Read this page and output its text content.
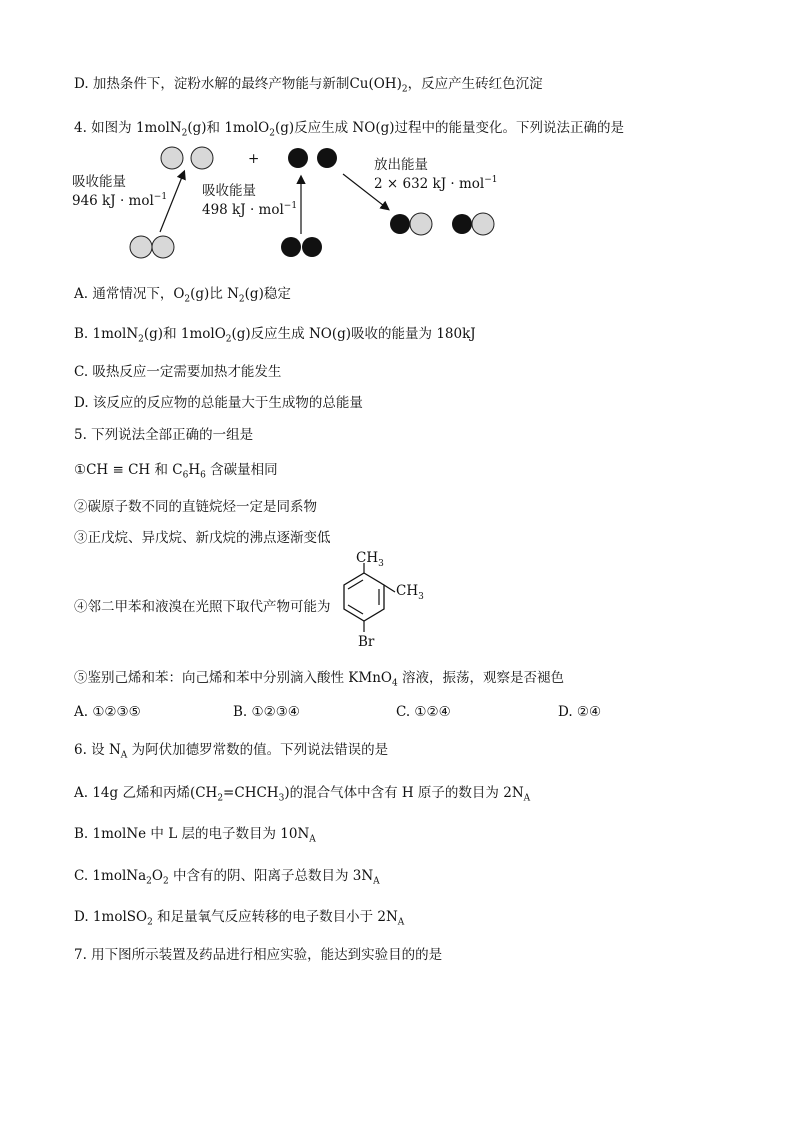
D. 加热条件下，淀粉水解的最终产物能与新制$Cu(OH)_2$，反应产生砖红色沉淀
4. 如图为 1molN$_2$(g)和 1molO$_2$(g)反应生成 NO(g)过程中的能量变化。下列说法正确的是
+
吸收能量
946 kJ · mol$^{-1}$	吸收能量
498 kJ · mol$^{-1}$
放出能量
2 × 632 kJ · mol$^{-1}$
$CH_3$
$CH_3$
Br
A. 通常情况下，$O_2(g)$比 $N_2(g)$稳定
B. 1molN$_2$(g)和 1molO$_2$(g)反应生成 NO(g)吸收的能量为 180kJ
C. 吸热反应一定需要加热才能发生
D. 该反应的反应物的总能量大于生成物的总能量
5. 下列说法全部正确的一组是
①CH ≡ CH 和 $C_6H_6$ 含碳量相同
②碳原子数不同的直链烷烃一定是同系物
③正戊烷、异戊烷、新戊烷的沸点逐渐变低
④邻二甲苯和液溴在光照下取代产物可能为
⑤鉴别己烯和苯：向己烯和苯中分别滴入酸性 KMnO$_4$ 溶液，振荡，观察是否褪色
A. ①②③⑤	B. ①②③④	C. ①②④	D. ②④
6. 设 $N_A$ 为阿伏加德罗常数的值。下列说法错误的是
A. 14g 乙烯和丙烯$(CH_2=CHCH_3)$的混合气体中含有 H 原子的数目为 $2N_A$
B. 1molNe 中 L 层的电子数目为 $10N_A$
C. $1molNa_2O_2$ 中含有的阴、阳离子总数目为 $3N_A$
D. 1molSO$_2$ 和足量氧气反应转移的电子数目小于 $2N_A$
7. 用下图所示装置及药品进行相应实验，能达到实验目的的是
